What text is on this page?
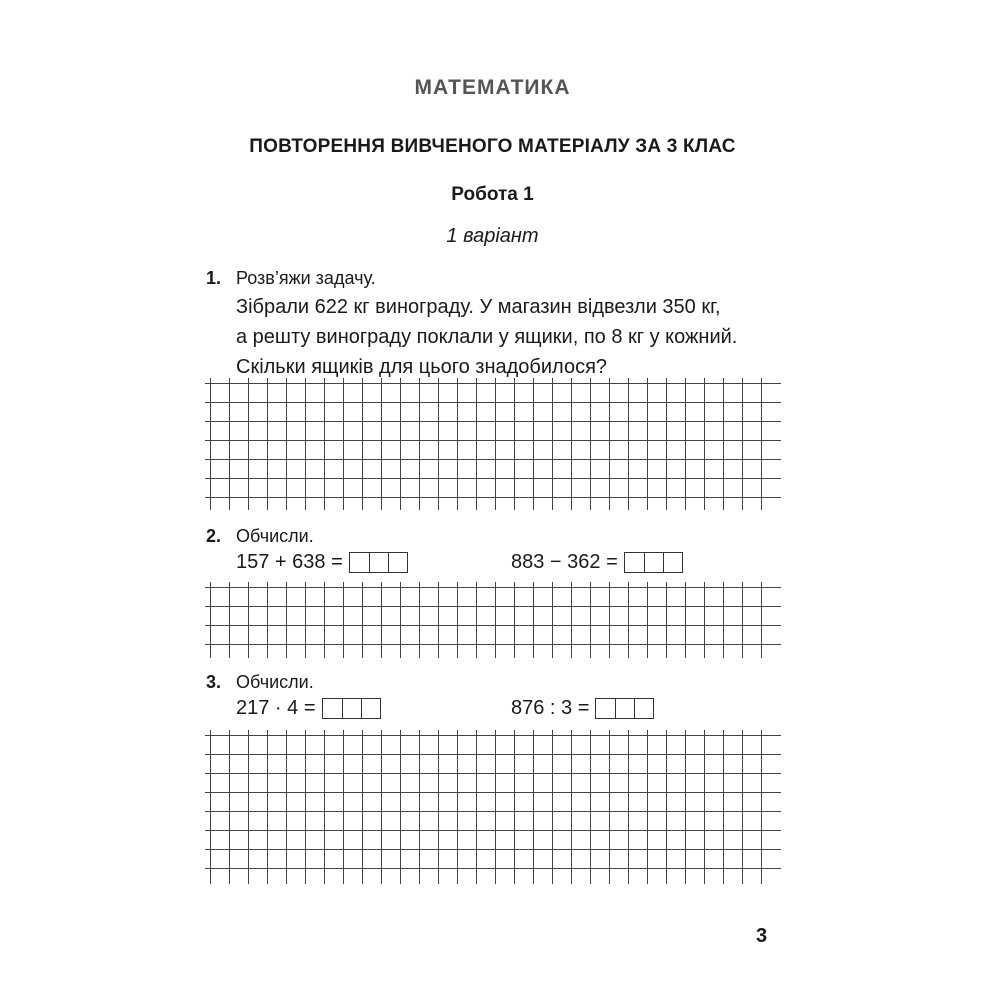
МАТЕМАТИКА
ПОВТОРЕННЯ ВИВЧЕНОГО МАТЕРІАЛУ ЗА 3 КЛАС
Робота 1
1 варіант
1. Розв’яжи задачу.
Зібрали 622 кг винограду. У магазин відвезли 350 кг,
а решту винограду поклали у ящики, по 8 кг у кожний.
Скільки ящиків для цього знадобилося?
2. Обчисли.
157 + 638 =	883 − 362 =
3. Обчисли.
217 · 4 =	876 : 3 =
3
